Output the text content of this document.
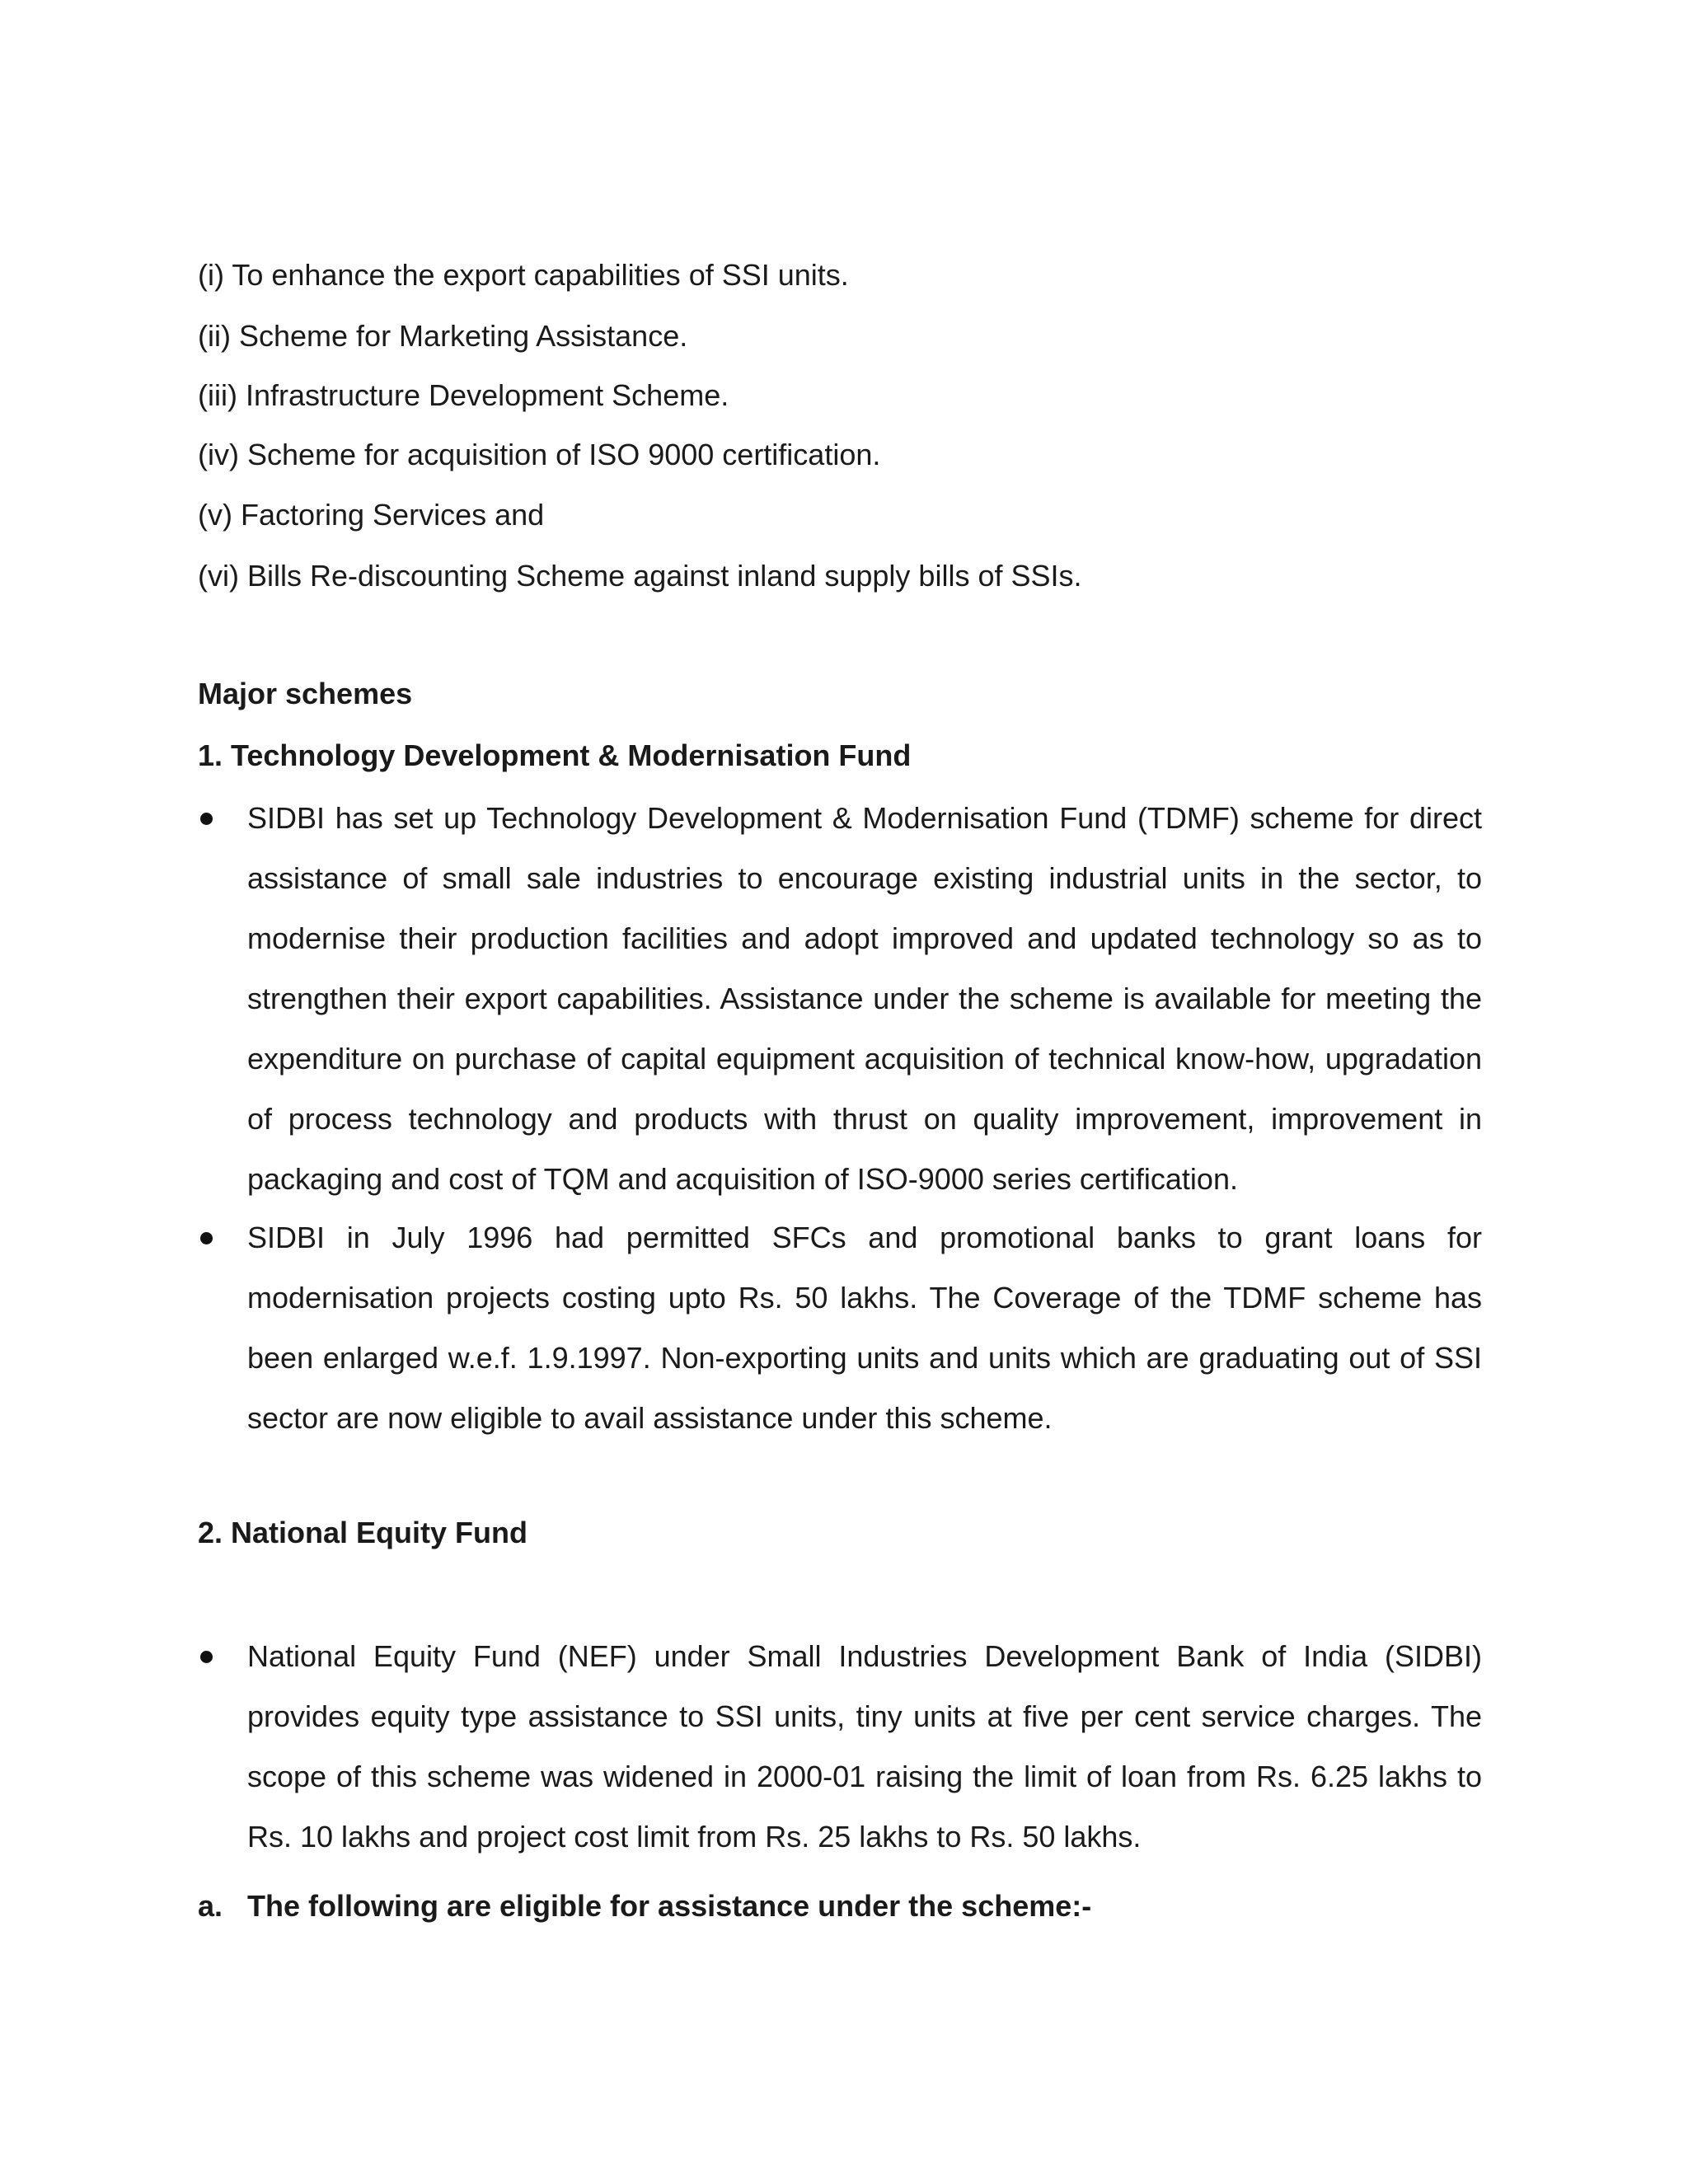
(i) To enhance the export capabilities of SSI units.
(ii) Scheme for Marketing Assistance.
(iii) Infrastructure Development Scheme.
(iv) Scheme for acquisition of ISO 9000 certification.
(v) Factoring Services and
(vi) Bills Re-discounting Scheme against inland supply bills of SSIs.
Major schemes
1. Technology Development & Modernisation Fund

SIDBI has set up Technology Development & Modernisation Fund (TDMF) scheme for direct assistance of small sale industries to encourage existing industrial units in the sector, to modernise their production facilities and adopt improved and updated technology so as to strengthen their export capabilities. Assistance under the scheme is available for meeting the expenditure on purchase of capital equipment acquisition of technical know-how, upgradation of process technology and products with thrust on quality improvement, improvement in packaging and cost of TQM and acquisition of ISO-9000 series certification.

SIDBI in July 1996 had permitted SFCs and promotional banks to grant loans for modernisation projects costing upto Rs. 50 lakhs. The Coverage of the TDMF scheme has been enlarged w.e.f. 1.9.1997. Non-exporting units and units which are graduating out of SSI sector are now eligible to avail assistance under this scheme.

2. National Equity Fund

National Equity Fund (NEF) under Small Industries Development Bank of India (SIDBI) provides equity type assistance to SSI units, tiny units at five per cent service charges. The scope of this scheme was widened in 2000-01 raising the limit of loan from Rs. 6.25 lakhs to Rs. 10 lakhs and project cost limit from Rs. 25 lakhs to Rs. 50 lakhs.

a. The following are eligible for assistance under the scheme:-
